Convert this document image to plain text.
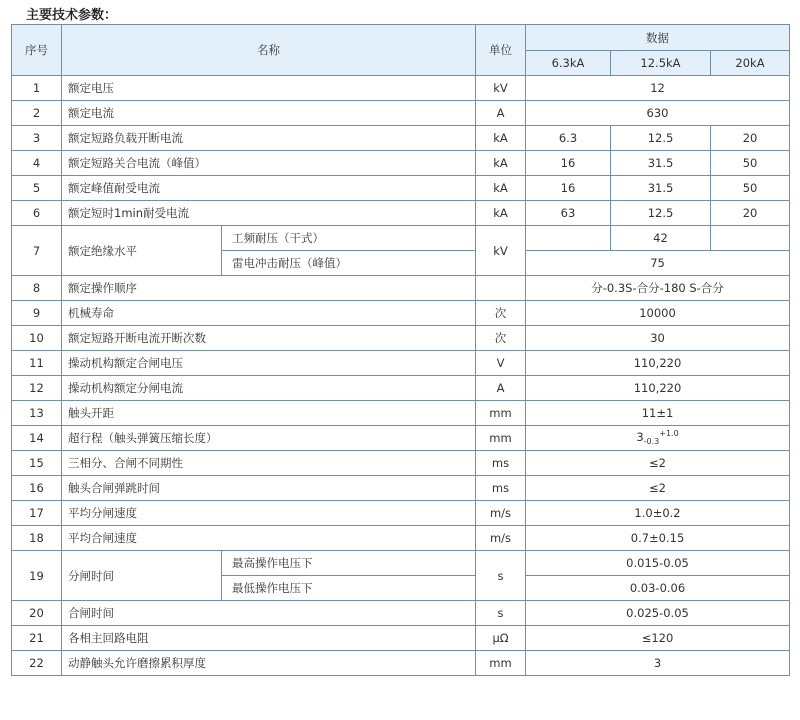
主要技术参数：
序号	名称		单位	数据		
				6.3kA	12.5kA	20kA
1	额定电压		kV	12		
2	额定电流		A	630		
3	额定短路负载开断电流		kA	6.3	12.5	20
4	额定短路关合电流（峰值）		kA	16	31.5	50
5	额定峰值耐受电流		kA	16	31.5	50
6	额定短时1min耐受电流		kA	63	12.5	20
7	额定绝缘水平	工频耐压（干式）	kV		42	
		雷电冲击耐压（峰值）		75		
8	额定操作顺序			分-0.3S-合分-180 S-合分		
9	机械寿命		次	10000		
10	额定短路开断电流开断次数		次	30		
11	操动机构额定合闸电压		V	110,220		
12	操动机构额定分闸电流		A	110,220		
13	触头开距		mm	11±1		
14	超行程（触头弹簧压缩长度）		mm	$3_{-0.3}^{+1.0}$
15	三相分、合闸不同期性		ms	≤2		
16	触头合闸弹跳时间		ms	≤2		
17	平均分闸速度		m/s	1.0±0.2		
18	平均合闸速度		m/s	0.7±0.15		
19	分闸时间	最高操作电压下	s	0.015-0.05		
		最低操作电压下		0.03-0.06		
20	合闸时间		s	0.025-0.05		
21	各相主回路电阻		μΩ	≤120		
22	动静触头允许磨擦累积厚度		mm	3		
